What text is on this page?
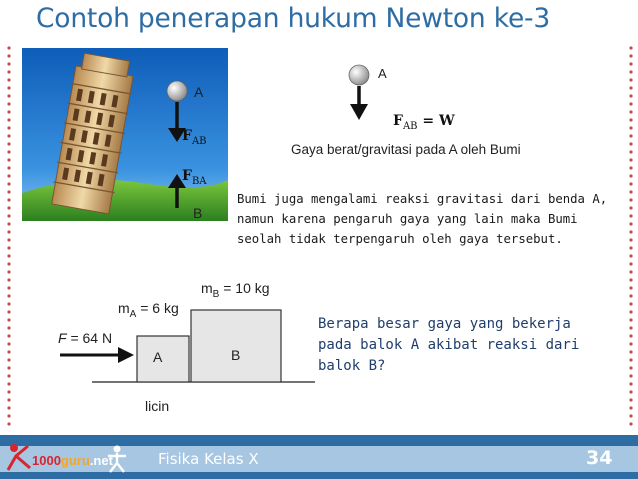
Contoh penerapan hukum Newton ke-3
A
$F_{AB}$
$F_{BA}$
B
A
$F_{AB} = W$
Gaya berat/gravitasi pada A oleh Bumi
Bumi juga mengalami reaksi gravitasi dari benda A,
namun karena pengaruh gaya yang lain maka Bumi
seolah tidak terpengaruh oleh gaya tersebut.
$m_B = 10$ kg
$m_A = 6$ kg
F = 64 N
A	B
licin
Berapa besar gaya yang bekerja
pada balok A akibat reaksi dari
balok B?
1000guru.net	Fisika Kelas X	34
